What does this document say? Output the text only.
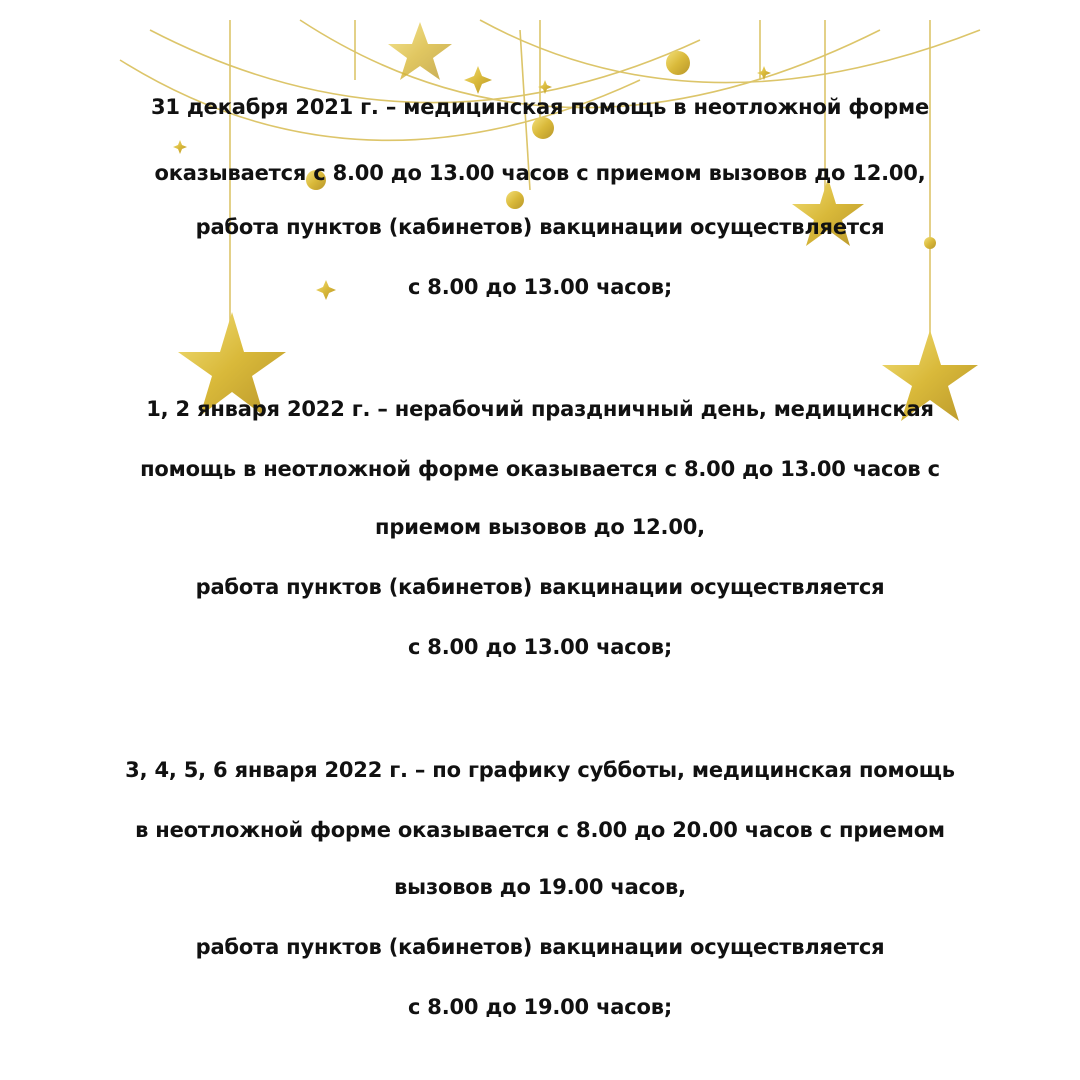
31 декабря 2021 г. – медицинская помощь в неотложной форме
оказывается с 8.00 до 13.00 часов с приемом вызовов до 12.00,
работа пунктов (кабинетов) вакцинации осуществляется
с 8.00 до 13.00 часов;
1, 2 января 2022 г. – нерабочий праздничный день, медицинская
помощь в неотложной форме оказывается с 8.00 до 13.00 часов с
приемом вызовов до 12.00,
работа пунктов (кабинетов) вакцинации осуществляется
с 8.00 до 13.00 часов;
3, 4, 5, 6 января 2022 г. – по графику субботы, медицинская помощь
в неотложной форме оказывается с 8.00 до 20.00 часов с приемом
вызовов до 19.00 часов,
работа пунктов (кабинетов) вакцинации осуществляется
с 8.00 до 19.00 часов;
